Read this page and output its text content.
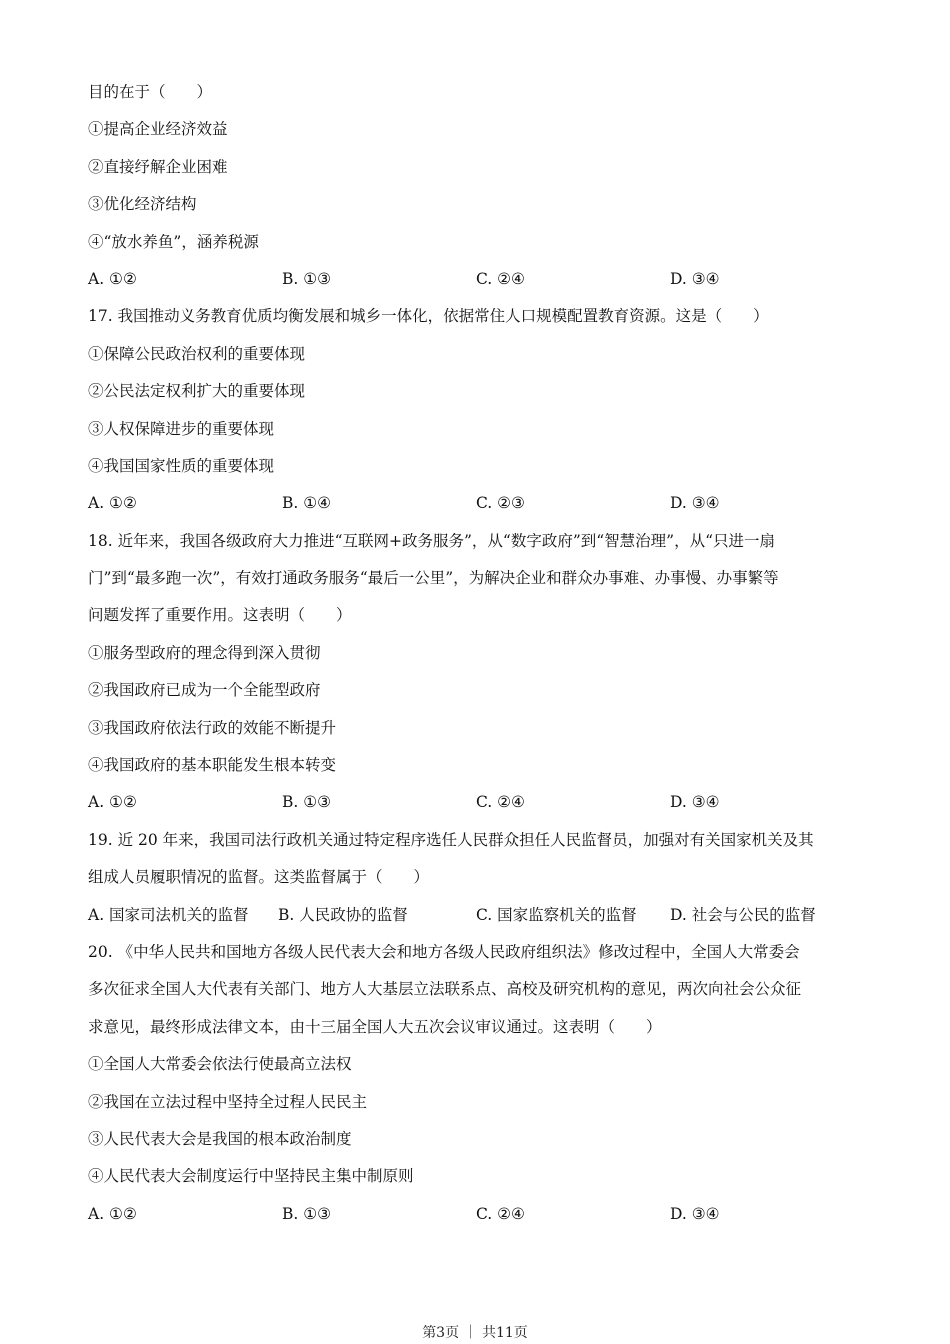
目的在于（　　）
①提高企业经济效益
②直接纾解企业困难
③优化经济结构
④“放水养鱼”，涵养税源
A. ①②	B. ①③	C. ②④	D. ③④
17. 我国推动义务教育优质均衡发展和城乡一体化，依据常住人口规模配置教育资源。这是（　　）
①保障公民政治权利的重要体现
②公民法定权利扩大的重要体现
③人权保障进步的重要体现
④我国国家性质的重要体现
A. ①②	B. ①④	C. ②③	D. ③④
18. 近年来，我国各级政府大力推进“互联网+政务服务”，从“数字政府”到“智慧治理”，从“只进一扇
门”到“最多跑一次”，有效打通政务服务“最后一公里”，为解决企业和群众办事难、办事慢、办事繁等
问题发挥了重要作用。这表明（　　）
①服务型政府的理念得到深入贯彻
②我国政府已成为一个全能型政府
③我国政府依法行政的效能不断提升
④我国政府的基本职能发生根本转变
A. ①②	B. ①③	C. ②④	D. ③④
19. 近 20 年来，我国司法行政机关通过特定程序选任人民群众担任人民监督员，加强对有关国家机关及其
组成人员履职情况的监督。这类监督属于（　　）
A. 国家司法机关的监督	B. 人民政协的监督	C. 国家监察机关的监督	D. 社会与公民的监督
20. 《中华人民共和国地方各级人民代表大会和地方各级人民政府组织法》修改过程中，全国人大常委会
多次征求全国人大代表有关部门、地方人大基层立法联系点、高校及研究机构的意见，两次向社会公众征
求意见，最终形成法律文本，由十三届全国人大五次会议审议通过。这表明（　　）
①全国人大常委会依法行使最高立法权
②我国在立法过程中坚持全过程人民民主
③人民代表大会是我国的根本政治制度
④人民代表大会制度运行中坚持民主集中制原则
A. ①②	B. ①③	C. ②④	D. ③④
第3页 ｜ 共11页
